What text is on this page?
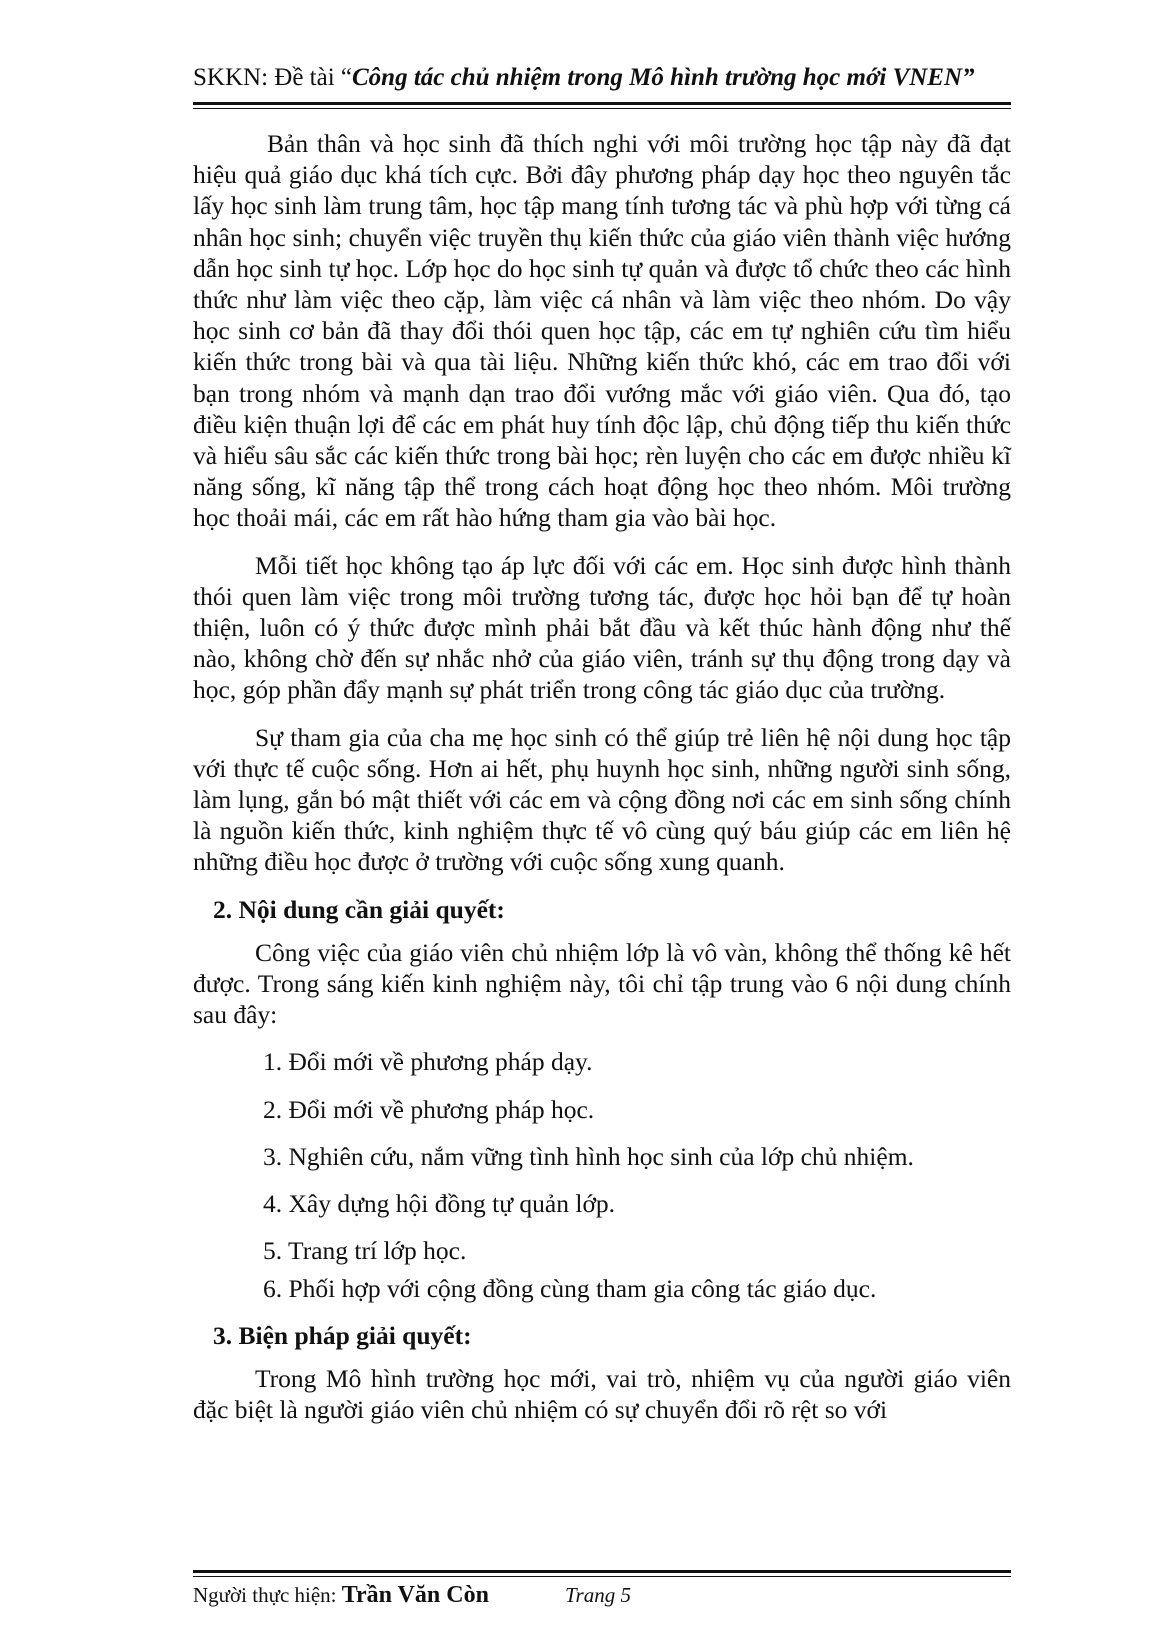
SKKN: Đề tài “Công tác chủ nhiệm trong Mô hình trường học mới VNEN”

Bản thân và học sinh đã thích nghi với môi trường học tập này đã đạt hiệu quả giáo dục khá tích cực. Bởi đây phương pháp dạy học theo nguyên tắc lấy học sinh làm trung tâm, học tập mang tính tương tác và phù hợp với từng cá nhân học sinh; chuyển việc truyền thụ kiến thức của giáo viên thành việc hướng dẫn học sinh tự học. Lớp học do học sinh tự quản và được tổ chức theo các hình thức như làm việc theo cặp, làm việc cá nhân và làm việc theo nhóm. Do vậy học sinh cơ bản đã thay đổi thói quen học tập, các em tự nghiên cứu tìm hiểu kiến thức trong bài và qua tài liệu. Những kiến thức khó, các em trao đổi với bạn trong nhóm và mạnh dạn trao đổi vướng mắc với giáo viên. Qua đó, tạo điều kiện thuận lợi để các em phát huy tính độc lập, chủ động tiếp thu kiến thức và hiểu sâu sắc các kiến thức trong bài học; rèn luyện cho các em được nhiều kĩ năng sống, kĩ năng tập thể trong cách hoạt động học theo nhóm. Môi trường học thoải mái, các em rất hào hứng tham gia vào bài học.

Mỗi tiết học không tạo áp lực đối với các em. Học sinh được hình thành thói quen làm việc trong môi trường tương tác, được học hỏi bạn để tự hoàn thiện, luôn có ý thức được mình phải bắt đầu và kết thúc hành động như thế nào, không chờ đến sự nhắc nhở của giáo viên, tránh sự thụ động trong dạy và học, góp phần đẩy mạnh sự phát triển trong công tác giáo dục của trường.

Sự tham gia của cha mẹ học sinh có thể giúp trẻ liên hệ nội dung học tập với thực tế cuộc sống. Hơn ai hết, phụ huynh học sinh, những người sinh sống, làm lụng, gắn bó mật thiết với các em và cộng đồng nơi các em sinh sống chính là nguồn kiến thức, kinh nghiệm thực tế vô cùng quý báu giúp các em liên hệ những điều học được ở trường với cuộc sống xung quanh.

2. Nội dung cần giải quyết:

Công việc của giáo viên chủ nhiệm lớp là vô vàn, không thể thống kê hết được. Trong sáng kiến kinh nghiệm này, tôi chỉ tập trung vào 6 nội dung chính sau đây:

1. Đổi mới về phương pháp dạy.
2. Đổi mới về phương pháp học.
3. Nghiên cứu, nắm vững tình hình học sinh của lớp chủ nhiệm.
4. Xây dựng hội đồng tự quản lớp.
5. Trang trí lớp học.
6. Phối hợp với cộng đồng cùng tham gia công tác giáo dục.
3. Biện pháp giải quyết:

Trong Mô hình trường học mới, vai trò, nhiệm vụ của người giáo viên đặc biệt là người giáo viên chủ nhiệm có sự chuyển đổi rõ rệt so với

Người thực hiện: Trần Văn Còn	Trang 5
